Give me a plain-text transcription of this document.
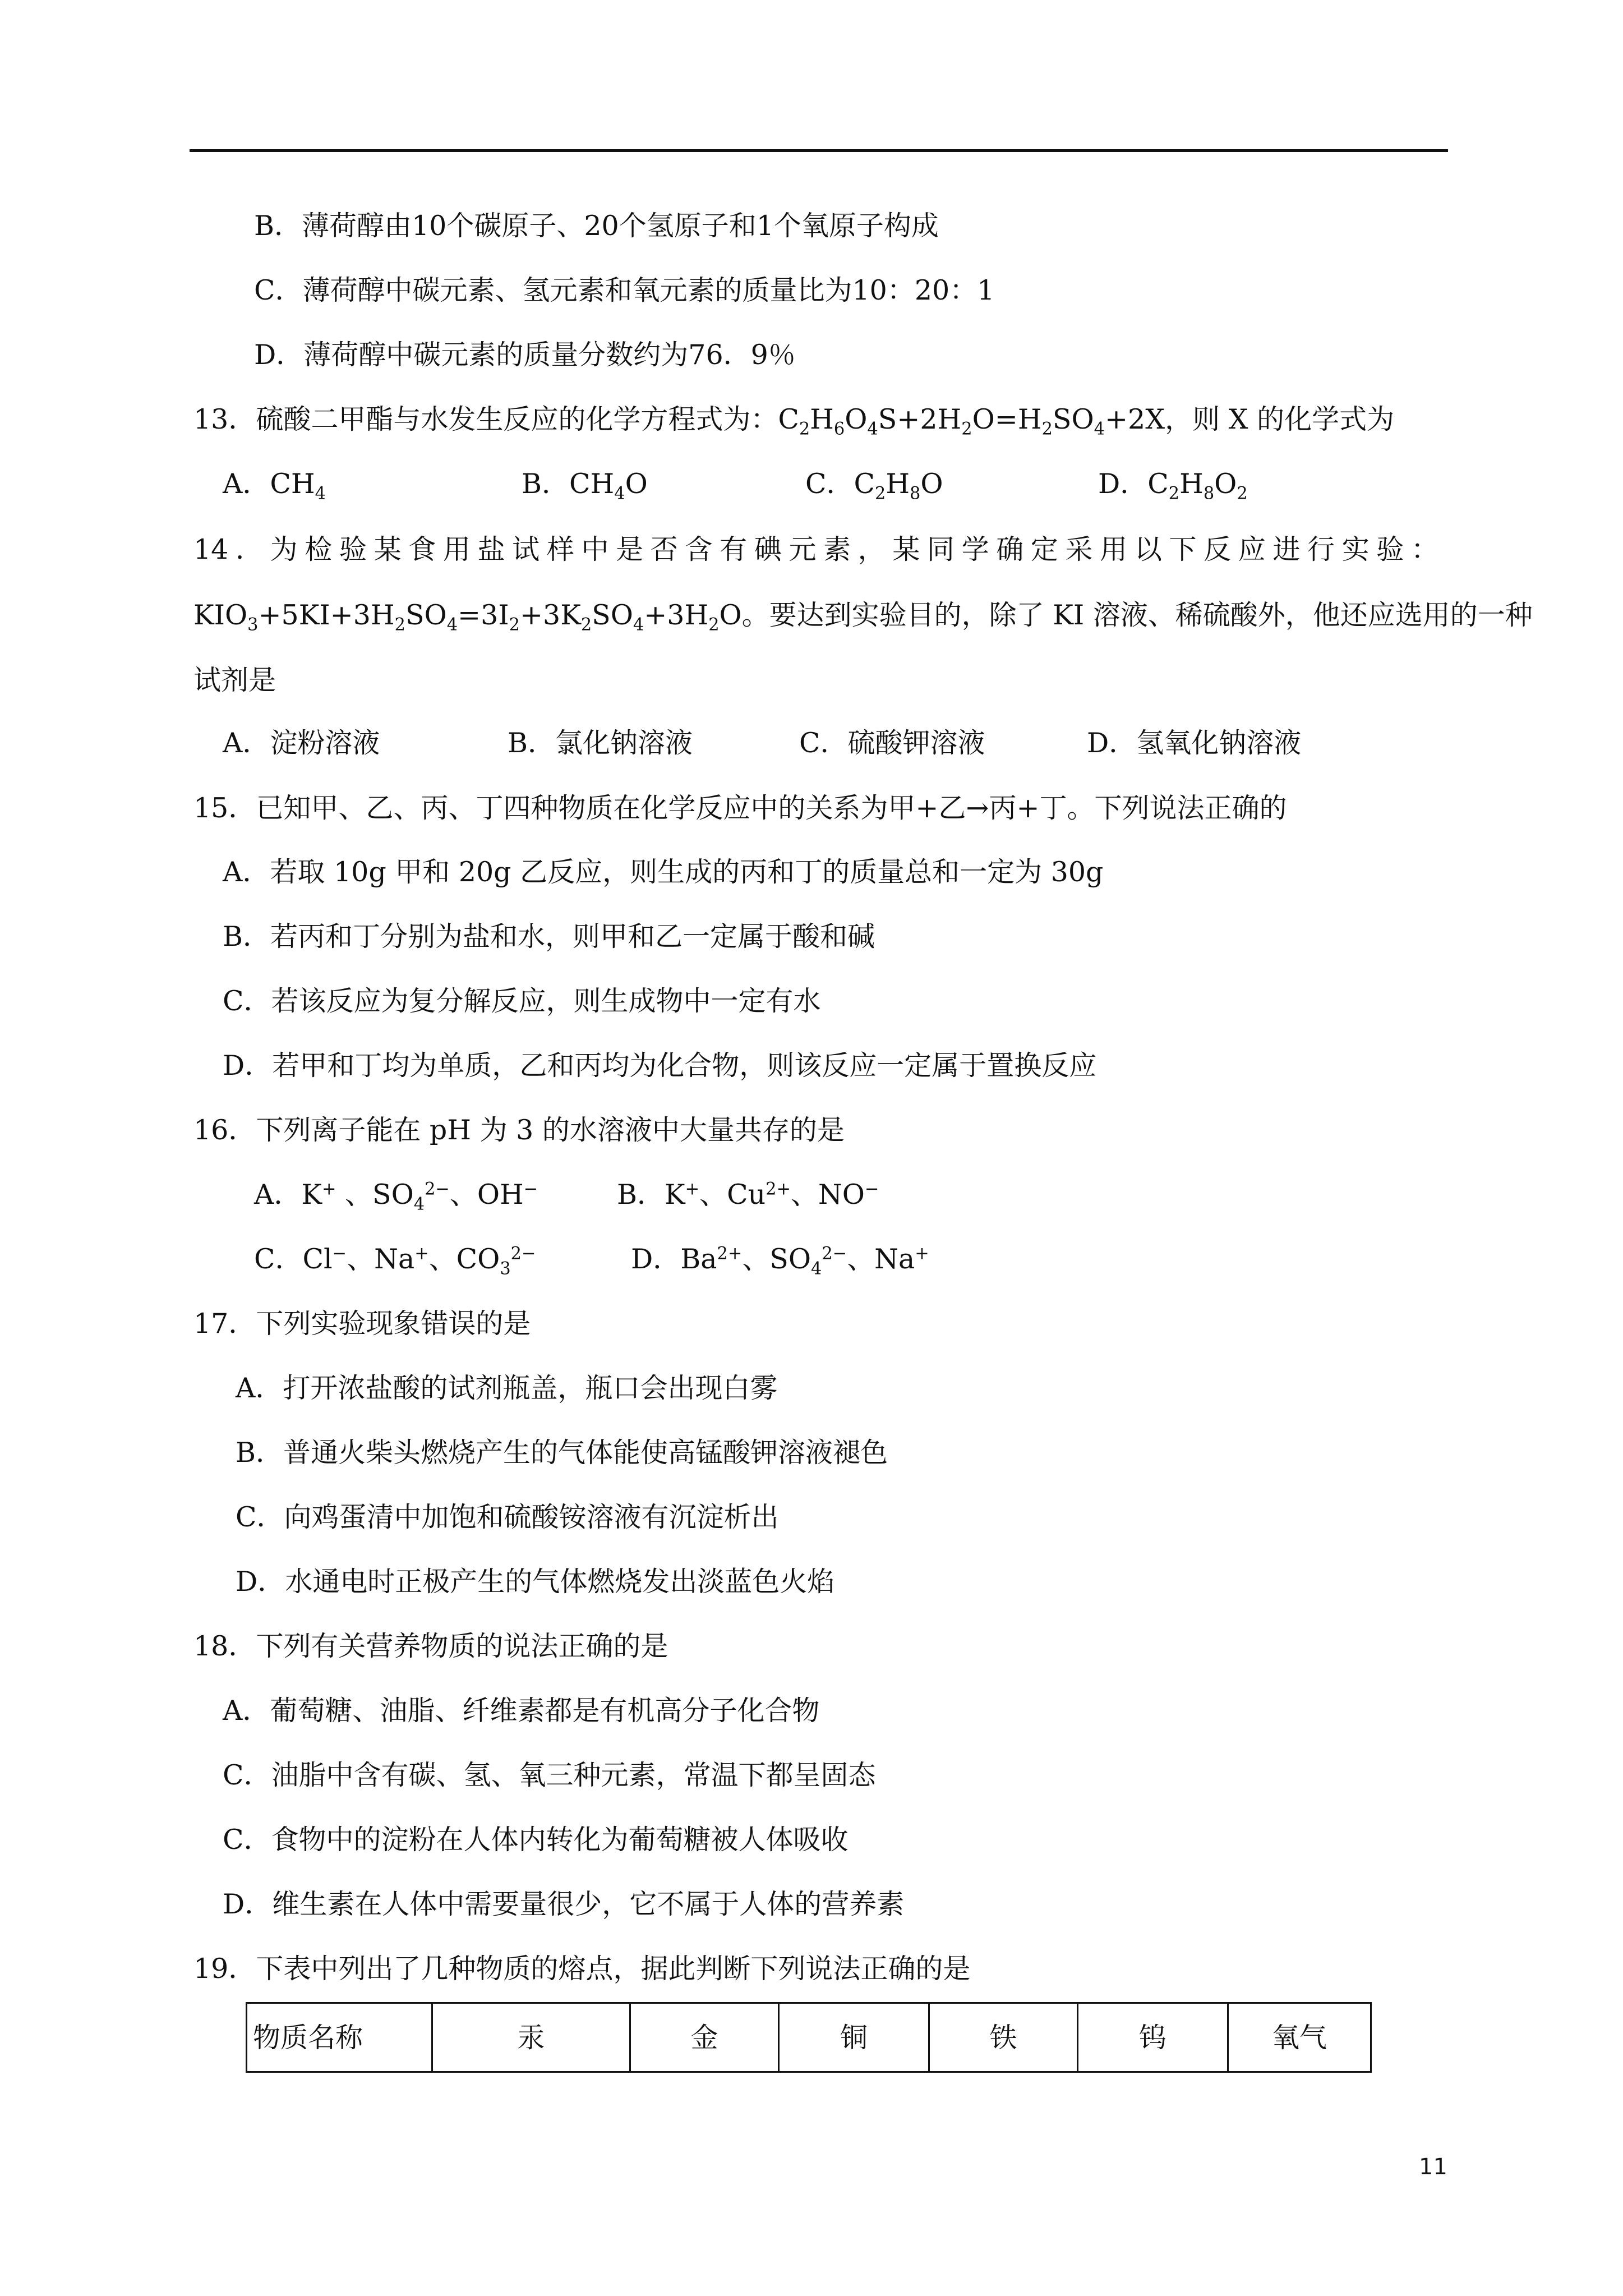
B．薄荷醇由10个碳原子、20个氢原子和1个氧原子构成
C．薄荷醇中碳元素、氢元素和氧元素的质量比为10：20：1
D．薄荷醇中碳元素的质量分数约为76．9％
13．硫酸二甲酯与水发生反应的化学方程式为：$C_2H_6O_4S+2H_2O=H_2SO_4+2X$，则 X 的化学式为
A．$CH_4$	B．$CH_4O$	C．$C_2H_8O$	D．$C_2H_8O_2$
14．为检验某食用盐试样中是否含有碘元素，某同学确定采用以下反应进行实验：
$KIO_3+5KI+3H_2SO_4=3I_2+3K_2SO_4+3H_2O$。要达到实验目的，除了 KI 溶液、稀硫酸外，他还应选用的一种
试剂是
A．淀粉溶液	B．氯化钠溶液	C．硫酸钾溶液	D．氢氧化钠溶液
15．已知甲、乙、丙、丁四种物质在化学反应中的关系为甲+乙→丙+丁。下列说法正确的
A．若取 10g 甲和 20g 乙反应，则生成的丙和丁的质量总和一定为 30g
B．若丙和丁分别为盐和水，则甲和乙一定属于酸和碱
C．若该反应为复分解反应，则生成物中一定有水
D．若甲和丁均为单质，乙和丙均为化合物，则该反应一定属于置换反应
16．下列离子能在 pH 为 3 的水溶液中大量共存的是
A．K+ 、$SO_4^{2-}$、OH−	B．K+、$Cu^{2+}$、NO−
C．Cl−、Na+、$CO_3^{2-}$	D．$Ba^{2+}$、$SO_4^{2-}$、Na+
17．下列实验现象错误的是
A．打开浓盐酸的试剂瓶盖，瓶口会出现白雾
B．普通火柴头燃烧产生的气体能使高锰酸钾溶液褪色
C．向鸡蛋清中加饱和硫酸铵溶液有沉淀析出
D．水通电时正极产生的气体燃烧发出淡蓝色火焰
18．下列有关营养物质的说法正确的是
A．葡萄糖、油脂、纤维素都是有机高分子化合物
C．油脂中含有碳、氢、氧三种元素，常温下都呈固态
C．食物中的淀粉在人体内转化为葡萄糖被人体吸收
D．维生素在人体中需要量很少，它不属于人体的营养素
19．下表中列出了几种物质的熔点，据此判断下列说法正确的是
物质名称	汞	金	铜	铁	钨	氧气
11
